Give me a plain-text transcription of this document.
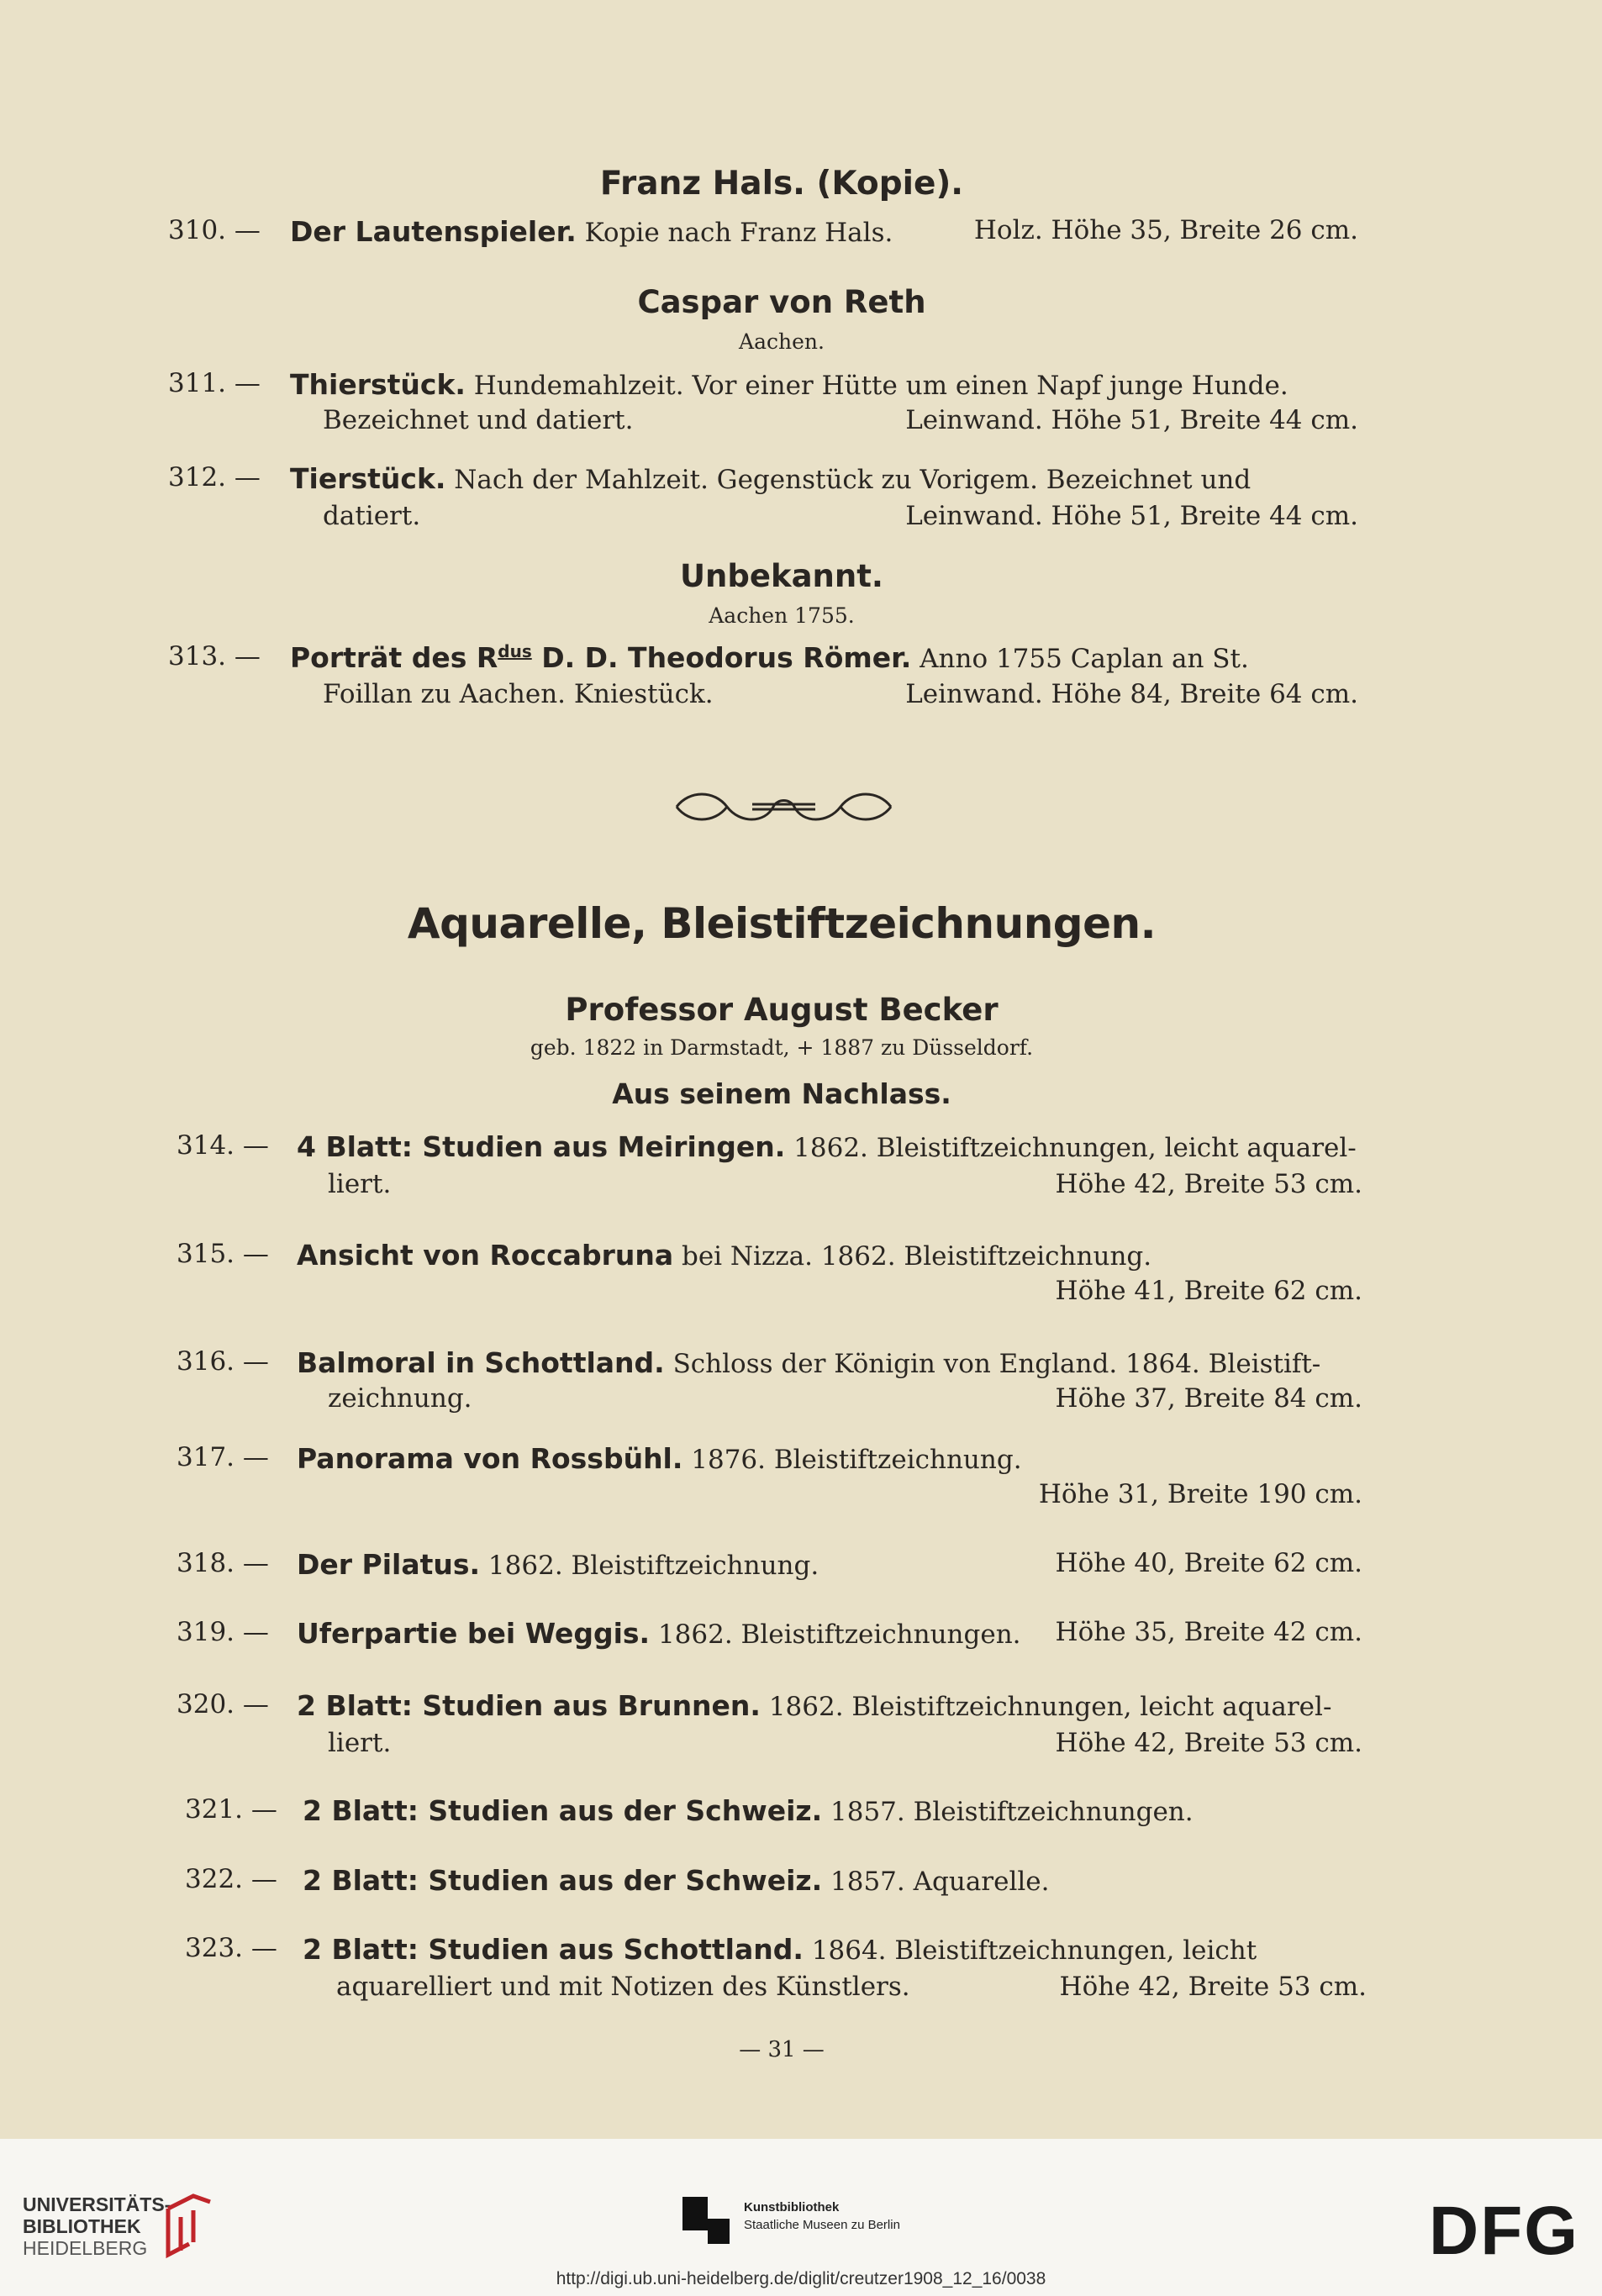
Franz Hals. (Kopie).
310. — Der Lautenspieler. Kopie nach Franz Hals.	Holz. Höhe 35, Breite 26 cm.
Caspar von Reth
Aachen.
311. — Thierstück. Hundemahlzeit. Vor einer Hütte um einen Napf junge Hunde.
Bezeichnet und datiert.	Leinwand. Höhe 51, Breite 44 cm.
312. — Tierstück. Nach der Mahlzeit. Gegenstück zu Vorigem. Bezeichnet und
datiert.	Leinwand. Höhe 51, Breite 44 cm.
Unbekannt.
Aachen 1755.
313. — Porträt des $R^{dus}$ D. D. Theodorus Römer. Anno 1755 Caplan an St.
Foillan zu Aachen. Kniestück.	Leinwand. Höhe 84, Breite 64 cm.
Aquarelle, Bleistiftzeichnungen.
Professor August Becker
geb. 1822 in Darmstadt, + 1887 zu Düsseldorf.
Aus seinem Nachlass.
314. — 4 Blatt: Studien aus Meiringen. 1862. Bleistiftzeichnungen, leicht aquarel-
liert.	Höhe 42, Breite 53 cm.
315. — Ansicht von Roccabruna bei Nizza. 1862. Bleistiftzeichnung.
Höhe 41, Breite 62 cm.
316. — Balmoral in Schottland. Schloss der Königin von England. 1864. Bleistift-
zeichnung.	Höhe 37, Breite 84 cm.
317. — Panorama von Rossbühl. 1876. Bleistiftzeichnung.
Höhe 31, Breite 190 cm.
318. — Der Pilatus. 1862. Bleistiftzeichnung.	Höhe 40, Breite 62 cm.
319. — Uferpartie bei Weggis. 1862. Bleistiftzeichnungen. Höhe 35, Breite 42 cm.
320. — 2 Blatt: Studien aus Brunnen. 1862. Bleistiftzeichnungen, leicht aquarel-
liert.	Höhe 42, Breite 53 cm.
321. — 2 Blatt: Studien aus der Schweiz. 1857. Bleistiftzeichnungen.
322. — 2 Blatt: Studien aus der Schweiz. 1857. Aquarelle.
323. — 2 Blatt: Studien aus Schottland. 1864. Bleistiftzeichnungen, leicht
aquarelliert und mit Notizen des Künstlers.	Höhe 42, Breite 53 cm.
— 31 —
UNIVERSITÄTS-
BIBLIOTHEK
HEIDELBERG
Kunstbibliothek
Staatliche Museen zu Berlin	DFG
http://digi.ub.uni-heidelberg.de/diglit/creutzer1908_12_16/0038
